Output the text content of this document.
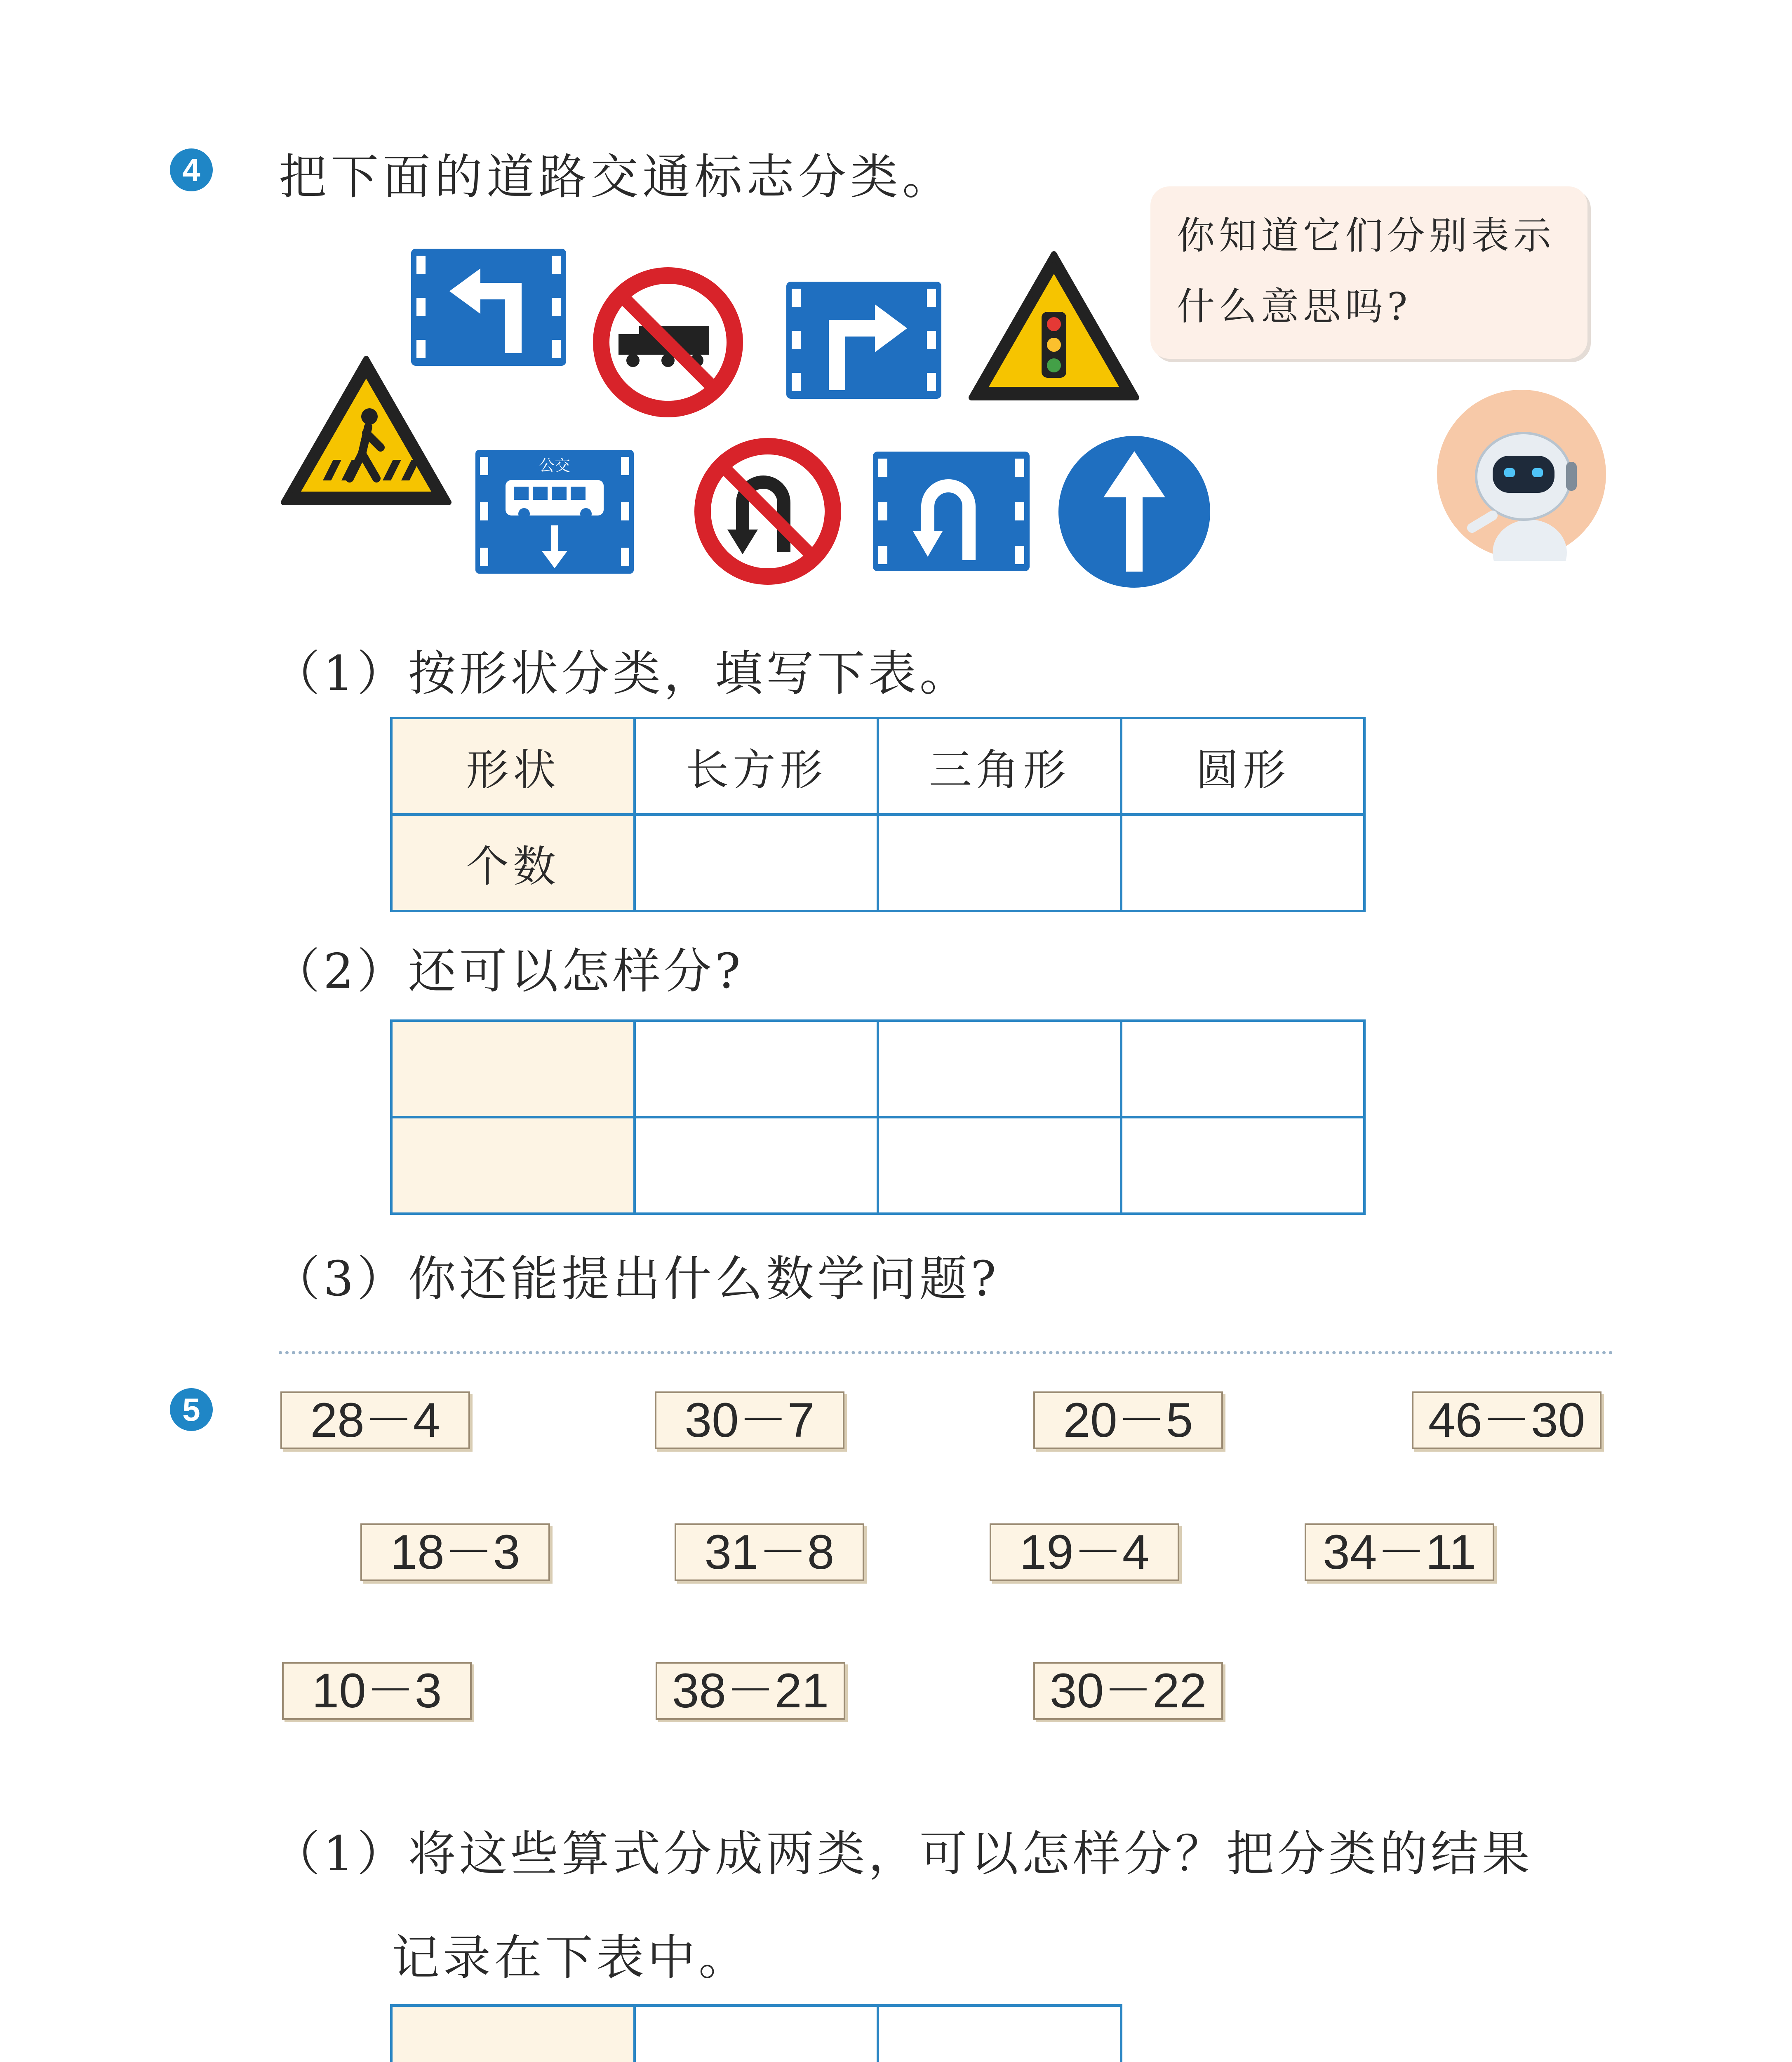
4 把下面的道路交通标志分类。
公交
你知道它们分别表示
什么意思吗?
（1）按形状分类，填写下表。
形状	长方形	三角形	圆形
个数			
（2）还可以怎样分?

（3）你还能提出什么数学问题?
5	28－4	30－7	20－5	46－30
18－3	31－8	19－4	34－11
10－3	38－21	30－22
（1）将这些算式分成两类，可以怎样分？把分类的结果
记录在下表中。
